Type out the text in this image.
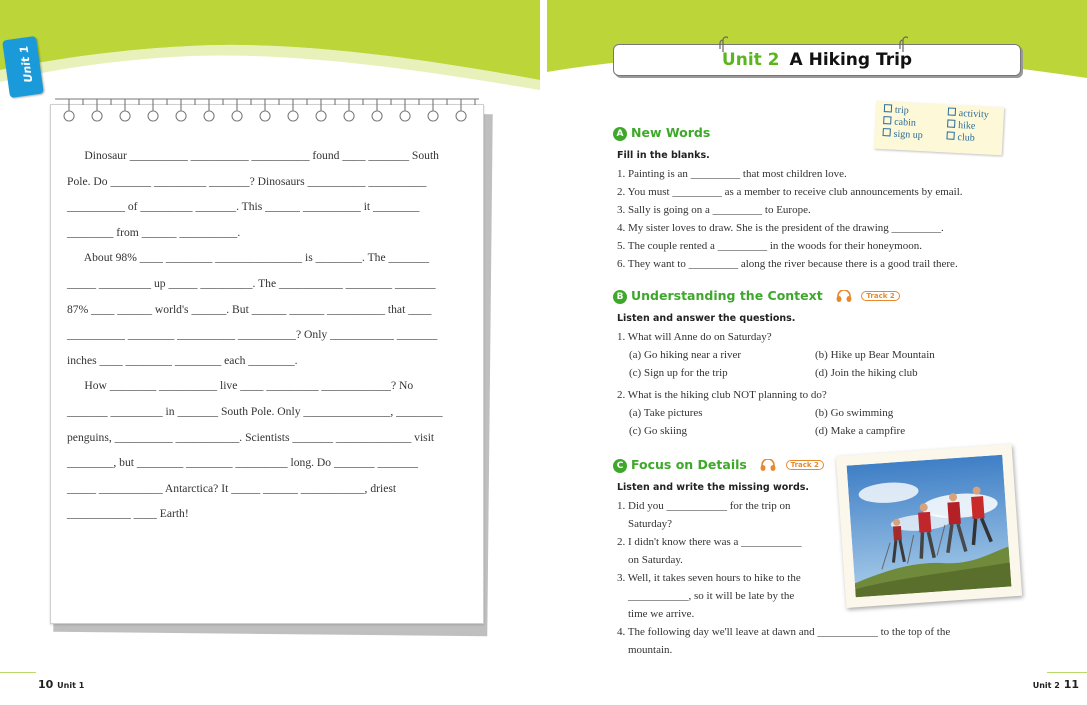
Unit 1
Dinosaur __________ __________ __________ found ____ _______ South
Pole. Do _______ _________ _______? Dinosaurs __________ __________
__________ of _________ _______. This ______ __________ it ________
________ from ______ __________.
About 98% ____ ________ _______________ is ________. The _______
_____ _________ up _____ _________. The ___________ ________ _______
87% ____ ______ world's ______. But ______ ______ __________ that ____
__________ ________ __________ __________? Only ___________ _______
inches ____ ________ ________ each ________.
How ________ __________ live ____ _________ ____________? No
_______ _________ in _______ South Pole. Only _______________, ________
penguins, __________ ___________. Scientists _______ _____________ visit
________, but ________ ________ _________ long. Do _______ _______
_____ ___________ Antarctica? It _____ ______ ___________, driest
___________ ____ Earth!
10 Unit 1
Unit 2 A Hiking Trip
trip
cabin
sign up
activity
hike
club
A New Words
Fill in the blanks.
1. Painting is an _________ that most children love.
2. You must _________ as a member to receive club announcements by email.
3. Sally is going on a _________ to Europe.
4. My sister loves to draw. She is the president of the drawing _________.
5. The couple rented a _________ in the woods for their honeymoon.
6. They want to _________ along the river because there is a good trail there.
B Understanding the Context	Track 2
Listen and answer the questions.
1. What will Anne do on Saturday?
(a) Go hiking near a river	(b) Hike up Bear Mountain
(c) Sign up for the trip	(d) Join the hiking club
2. What is the hiking club NOT planning to do?
(a) Take pictures	(b) Go swimming
(c) Go skiing	(d) Make a campfire
C Focus on Details	Track 2
Listen and write the missing words.
1. Did you ___________ for the trip on
Saturday?
2. I didn't know there was a ___________
on Saturday.
3. Well, it takes seven hours to hike to the
___________, so it will be late by the
time we arrive.
4. The following day we'll leave at dawn and ___________ to the top of the
mountain.
Unit 2 11
